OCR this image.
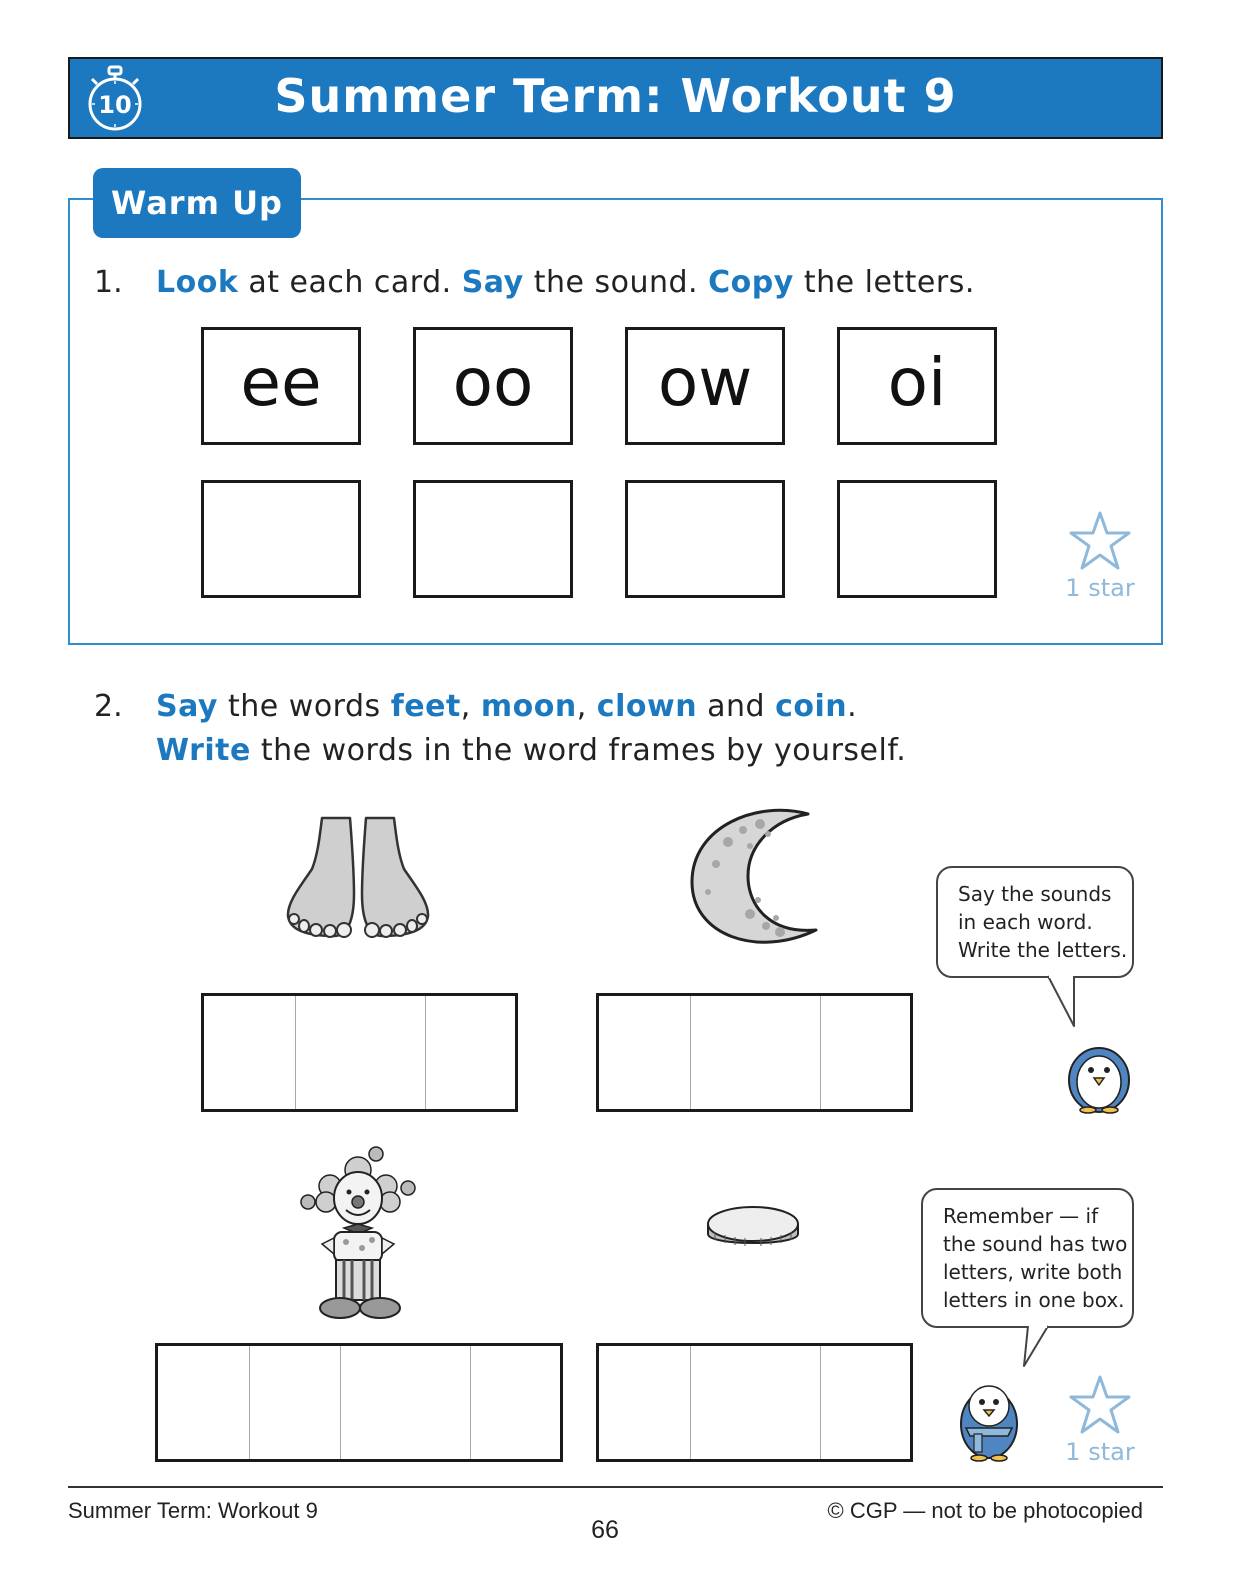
10	Summer Term: Workout 9
Warm Up
1. Look at each card. Say the sound. Copy the letters.
ee oo ow oi
1 star
2. Say the words feet, moon, clown and coin.
Write the words in the word frames by yourself.

Say the sounds

in each word.

Write the letters.

Remember — if

the sound has two

letters, write both

letters in one box.

1 star
Summer Term: Workout 9
66
© CGP — not to be photocopied
